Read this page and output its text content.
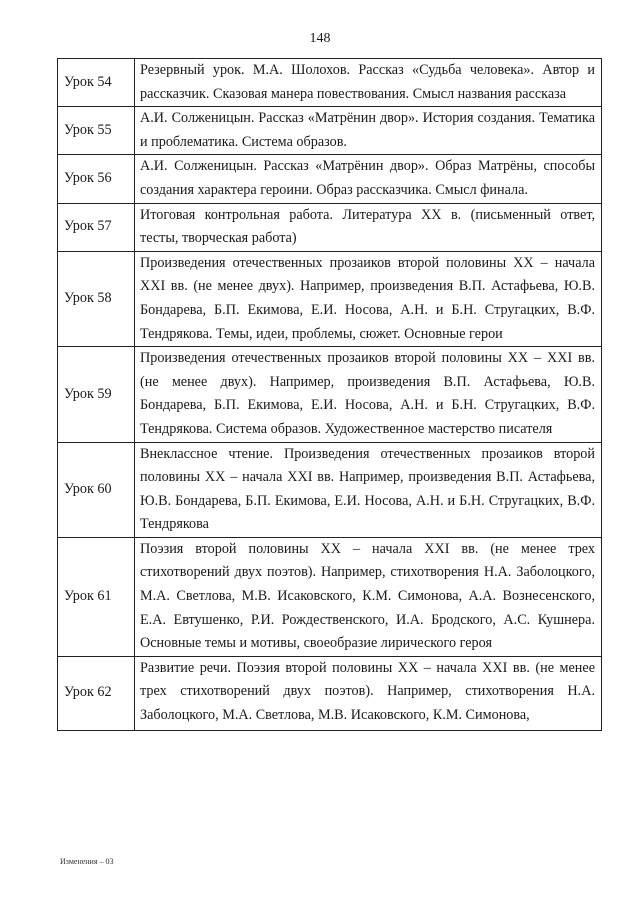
148
Урок 54	Резервный урок. М.А. Шолохов. Рассказ «Судьба человека». Автор и рассказчик. Сказовая манера повествования. Смысл названия рассказа
Урок 55	А.И. Солженицын. Рассказ «Матрёнин двор». История создания. Тематика и проблематика. Система образов.
Урок 56	А.И. Солженицын. Рассказ «Матрёнин двор». Образ Матрёны, способы создания характера героини. Образ рассказчика. Смысл финала.
Урок 57	Итоговая контрольная работа. Литература ХХ в. (письменный ответ, тесты, творческая работа)
Урок 58	Произведения отечественных прозаиков второй половины ХХ – начала XXI вв. (не менее двух). Например, произведения В.П. Астафьева, Ю.В. Бондарева, Б.П. Екимова, Е.И. Носова, А.Н. и Б.Н. Стругацких, В.Ф. Тендрякова. Темы, идеи, проблемы, сюжет. Основные герои
Урок 59	Произведения отечественных прозаиков второй половины ХХ – XXI вв. (не менее двух). Например, произведения В.П. Астафьева, Ю.В. Бондарева, Б.П. Екимова, Е.И. Носова, А.Н. и Б.Н. Стругацких, В.Ф. Тендрякова. Система образов. Художественное мастерство писателя
Урок 60	Внеклассное чтение. Произведения отечественных прозаиков второй половины ХХ – начала XXI вв. Например, произведения В.П. Астафьева, Ю.В. Бондарева, Б.П. Екимова, Е.И. Носова, А.Н. и Б.Н. Стругацких, В.Ф. Тендрякова
Урок 61	Поэзия второй половины ХХ – начала XXI вв. (не менее трех стихотворений двух поэтов). Например, стихотворения Н.А. Заболоцкого, М.А. Светлова, М.В. Исаковского, К.М. Симонова, А.А. Вознесенского, Е.А. Евтушенко, Р.И. Рождественского, И.А. Бродского, А.С. Кушнера. Основные темы и мотивы, своеобразие лирического героя
Урок 62	Развитие речи. Поэзия второй половины ХХ – начала XXI вв. (не менее трех стихотворений двух поэтов). Например, стихотворения Н.А. Заболоцкого, М.А. Светлова, М.В. Исаковского, К.М. Симонова,
Изменения – 03
